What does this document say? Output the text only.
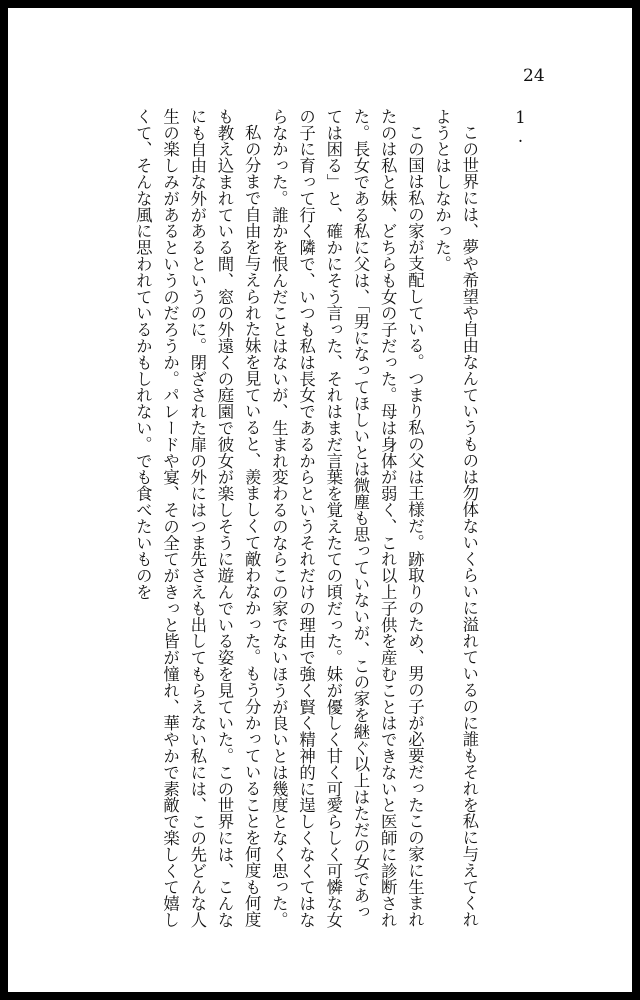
24
1.

この世界には、夢や希望や自由なんていうものは勿体ないくらいに溢れているのに誰もそれを私に与えてくれようとはしなかった。

この国は私の家が支配している。つまり私の父は王様だ。跡取りのため、男の子が必要だったこの家に生まれたのは私と妹、どちらも女の子だった。母は身体が弱く、これ以上子供を産むことはできないと医師に診断された。長女である私に父は、「男になってほしいとは微塵も思っていないが、この家を継ぐ以上はただの女であっては困る」と、確かにそう言った、それはまだ言葉を覚えたての頃だった。妹が優しく甘く可愛らしく可憐な女の子に育って行く隣で、いつも私は長女であるからというそれだけの理由で強く賢く精神的に逞しくなくてはならなかった。誰かを恨んだことはないが、生まれ変わるのならこの家でないほうが良いとは幾度となく思った。

私の分まで自由を与えられた妹を見ていると、羨ましくて敵わなかった。もう分かっていることを何度も何度も教え込まれている間、窓の外遠くの庭園で彼女が楽しそうに遊んでいる姿を見ていた。この世界には、こんなにも自由な外があるというのに。閉ざされた扉の外にはつま先さえも出してもらえない私には、この先どんな人生の楽しみがあるというのだろうか。パレードや宴、その全てがきっと皆が憧れ、華やかで素敵で楽しくて嬉しくて、そんな風に思われているかもしれない。でも食べたいものを
